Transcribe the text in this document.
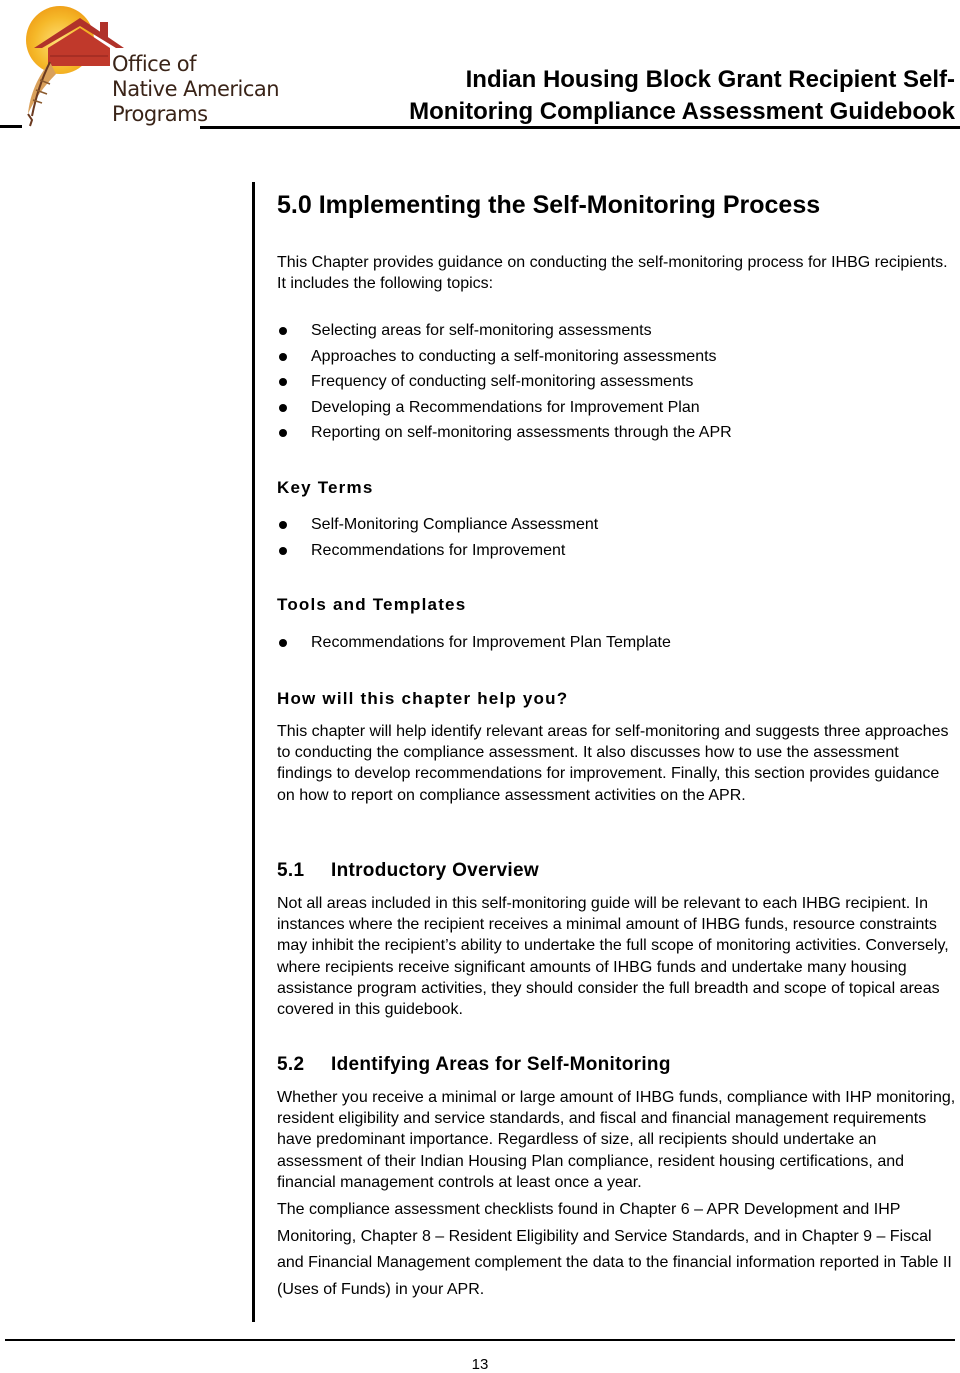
Office of
Native American
Programs
Indian Housing Block Grant Recipient Self-
Monitoring Compliance Assessment Guidebook
5.0 Implementing the Self-Monitoring Process
This Chapter provides guidance on conducting the self-monitoring process for IHBG recipients. It includes the following topics:
Selecting areas for self-monitoring assessments
Approaches to conducting a self-monitoring assessments
Frequency of conducting self-monitoring assessments
Developing a Recommendations for Improvement Plan
Reporting on self-monitoring assessments through the APR
Key Terms
Self-Monitoring Compliance Assessment
Recommendations for Improvement
Tools and Templates
Recommendations for Improvement Plan Template
How will this chapter help you?
This chapter will help identify relevant areas for self-monitoring and suggests three approaches to conducting the compliance assessment. It also discusses how to use the assessment findings to develop recommendations for improvement. Finally, this section provides guidance on how to report on compliance assessment activities on the APR.
5.1 Introductory Overview
Not all areas included in this self-monitoring guide will be relevant to each IHBG recipient. In instances where the recipient receives a minimal amount of IHBG funds, resource constraints may inhibit the recipient’s ability to undertake the full scope of monitoring activities. Conversely, where recipients receive significant amounts of IHBG funds and undertake many housing assistance program activities, they should consider the full breadth and scope of topical areas covered in this guidebook.
5.2 Identifying Areas for Self-Monitoring
Whether you receive a minimal or large amount of IHBG funds, compliance with IHP monitoring, resident eligibility and service standards, and fiscal and financial management requirements have predominant importance. Regardless of size, all recipients should undertake an assessment of their Indian Housing Plan compliance, resident housing certifications, and financial management controls at least once a year.
The compliance assessment checklists found in Chapter 6 – APR Development and IHP Monitoring, Chapter 8 – Resident Eligibility and Service Standards, and in Chapter 9 – Fiscal and Financial Management complement the data to the financial information reported in Table II (Uses of Funds) in your APR.
13
